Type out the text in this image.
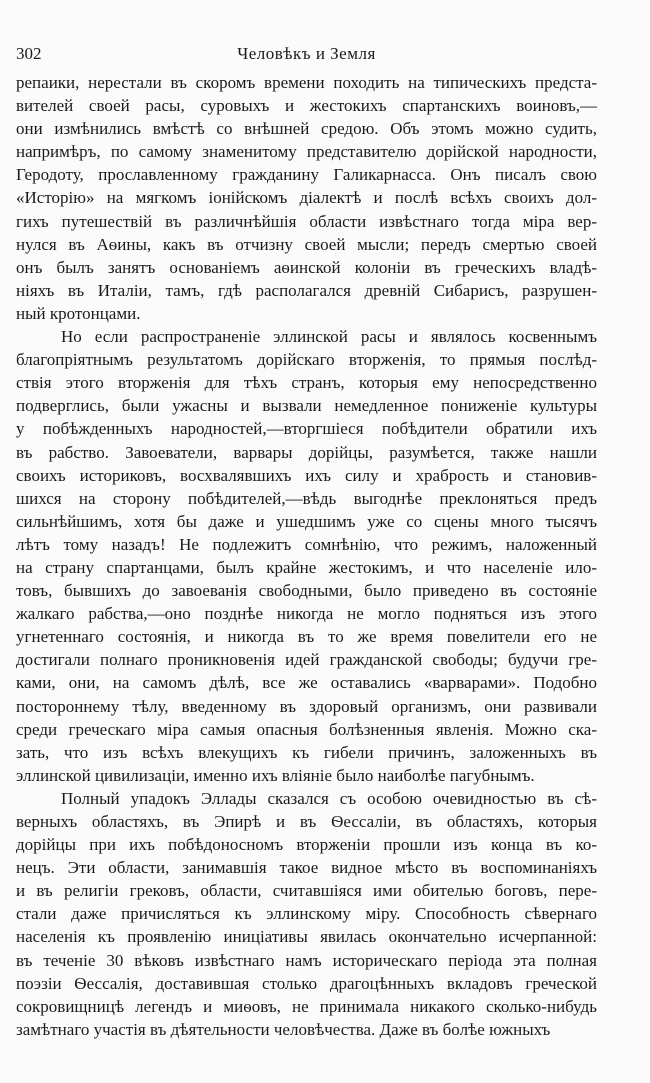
302	Человѣкъ и Земля
репаики, нерестали въ скоромъ времени походить на типическихъ предста-
вителей своей расы, суровыхъ и жестокихъ спартанскихъ воиновъ,—
они измѣнились вмѣстѣ со внѣшней средою. Объ этомъ можно судить,
напримѣръ, по самому знаменитому представителю дорійской народности,
Геродоту, прославленному гражданину Галикарнасса. Онъ писалъ свою
«Исторію» на мягкомъ іонійскомъ діалектѣ и послѣ всѣхъ своихъ дол-
гихъ путешествій въ различнѣйшія области извѣстнаго тогда міра вер-
нулся въ Аѳины, какъ въ отчизну своей мысли; передъ смертью своей
онъ былъ занятъ основаніемъ аѳинской колоніи въ греческихъ владѣ-
ніяхъ въ Италіи, тамъ, гдѣ располагался древній Сибарисъ, разрушен-
ный кротонцами.
Но если распространеніе эллинской расы и являлось косвеннымъ
благопріятнымъ результатомъ дорійскаго вторженія, то прямыя послѣд-
ствія этого вторженія для тѣхъ странъ, которыя ему непосредственно
подверглись, были ужасны и вызвали немедленное пониженіе культуры
у побѣжденныхъ народностей,—вторгшіеся побѣдители обратили ихъ
въ рабство. Завоеватели, варвары дорійцы, разумѣется, также нашли
своихъ историковъ, восхвалявшихъ ихъ силу и храбрость и становив-
шихся на сторону побѣдителей,—вѣдь выгоднѣе преклоняться предъ
сильнѣйшимъ, хотя бы даже и ушедшимъ уже со сцены много тысячъ
лѣтъ тому назадъ! Не подлежитъ сомнѣнію, что режимъ, наложенный
на страну спартанцами, былъ крайне жестокимъ, и что населеніе ило-
товъ, бывшихъ до завоеванія свободными, было приведено въ состояніе
жалкаго рабства,—оно позднѣе никогда не могло подняться изъ этого
угнетеннаго состоянія, и никогда въ то же время повелители его не
достигали полнаго проникновенія идей гражданской свободы; будучи гре-
ками, они, на самомъ дѣлѣ, все же оставались «варварами». Подобно
постороннему тѣлу, введенному въ здоровый организмъ, они развивали
среди греческаго міра самыя опасныя болѣзненныя явленія. Можно ска-
зать, что изъ всѣхъ влекущихъ къ гибели причинъ, заложенныхъ въ
эллинской цивилизаціи, именно ихъ вліяніе было наиболѣе пагубнымъ.
Полный упадокъ Эллады сказался съ особою очевидностью въ сѣ-
верныхъ областяхъ, въ Эпирѣ и въ Ѳессаліи, въ областяхъ, которыя
дорійцы при ихъ побѣдоносномъ вторженіи прошли изъ конца въ ко-
нецъ. Эти области, занимавшія такое видное мѣсто въ воспоминаніяхъ
и въ религіи грековъ, области, считавшіяся ими обителью боговъ, пере-
стали даже причисляться къ эллинскому міру. Способность сѣвернаго
населенія къ проявленію иниціативы явилась окончательно исчерпанной:
въ теченіе 30 вѣковъ извѣстнаго намъ историческаго періода эта полная
поэзіи Ѳессалія, доставившая столько драгоцѣнныхъ вкладовъ греческой
сокровищницѣ легендъ и миѳовъ, не принимала никакого сколько-нибудь
замѣтнаго участія въ дѣятельности человѣчества. Даже въ болѣе южныхъ
